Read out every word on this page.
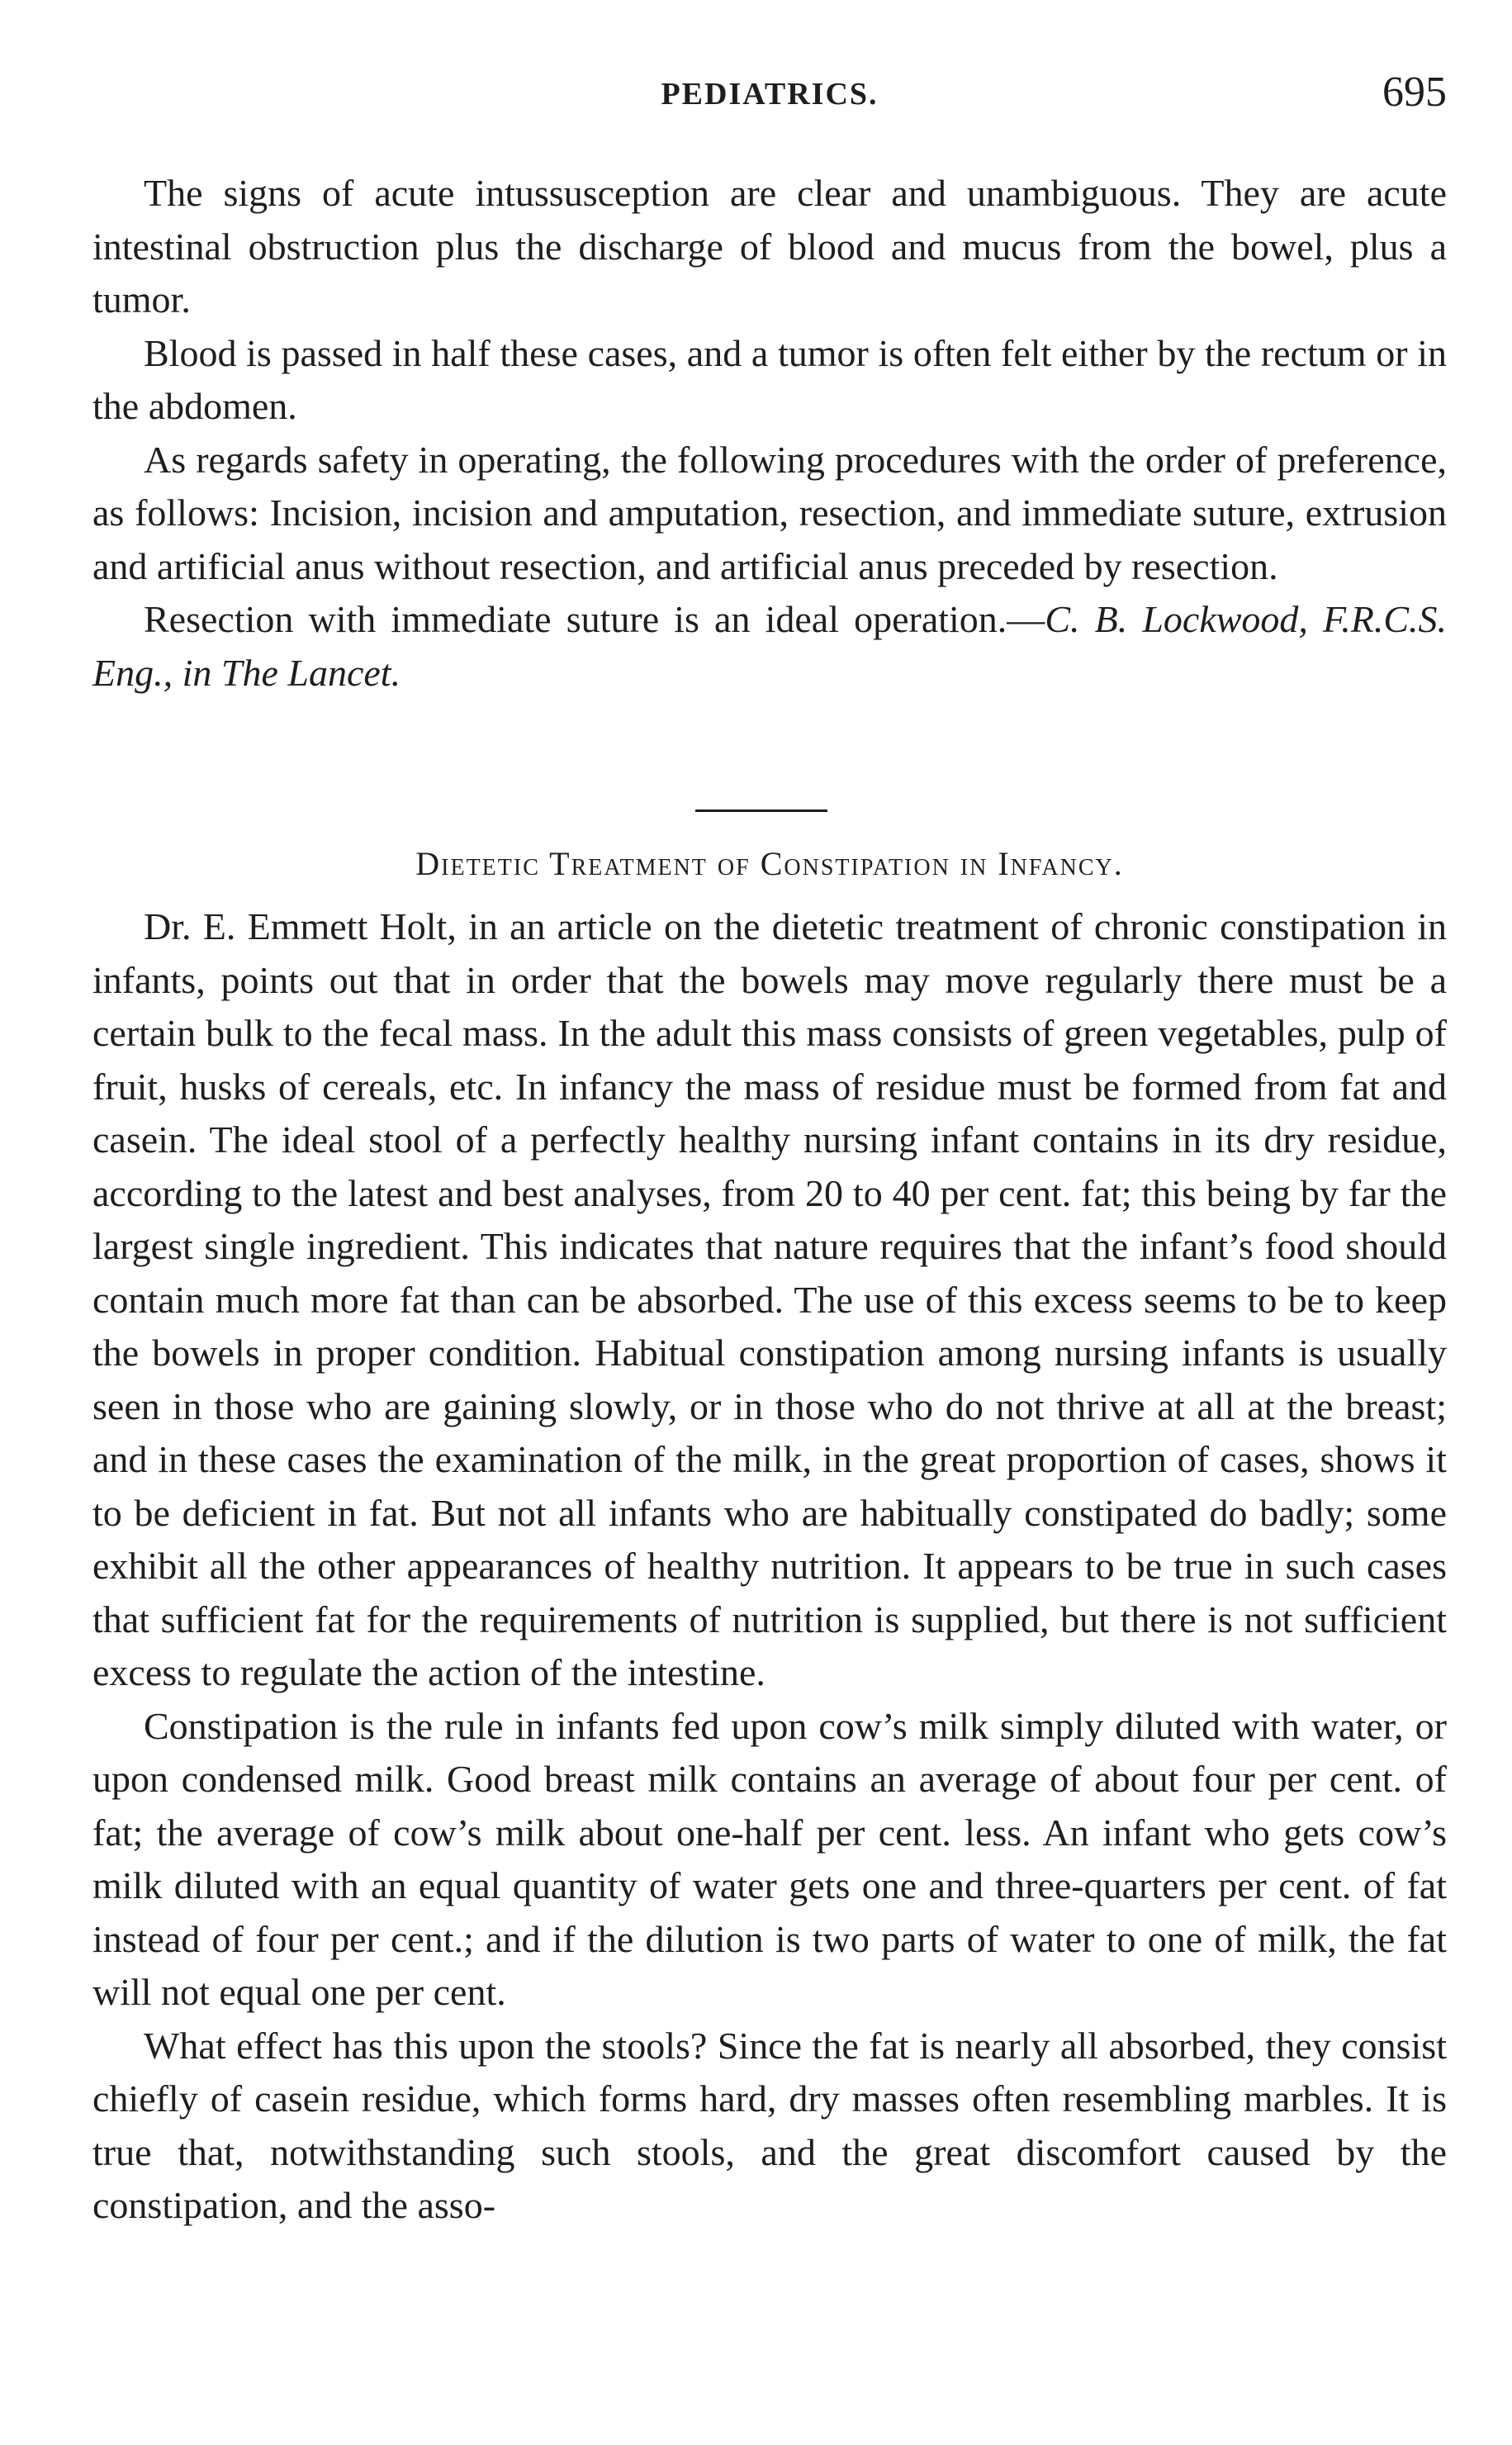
PEDIATRICS.	695

The signs of acute intussusception are clear and unambiguous. They are acute intestinal obstruction plus the discharge of blood and mucus from the bowel, plus a tumor.

Blood is passed in half these cases, and a tumor is often felt either by the rectum or in the abdomen.

As regards safety in operating, the following procedures with the order of preference, as follows: Incision, incision and amputation, resection, and immediate suture, extrusion and artificial anus without resection, and artificial anus preceded by resection.

Resection with immediate suture is an ideal operation.—C. B. Lockwood, F.R.C.S. Eng., in The Lancet.

Dietetic Treatment of Constipation in Infancy.

Dr. E. Emmett Holt, in an article on the dietetic treatment of chronic constipation in infants, points out that in order that the bowels may move regularly there must be a certain bulk to the fecal mass. In the adult this mass consists of green vegetables, pulp of fruit, husks of cereals, etc. In infancy the mass of residue must be formed from fat and casein. The ideal stool of a perfectly healthy nursing infant contains in its dry residue, according to the latest and best analyses, from 20 to 40 per cent. fat; this being by far the largest single ingredient. This indicates that nature requires that the infant’s food should contain much more fat than can be absorbed. The use of this excess seems to be to keep the bowels in proper condition. Habitual constipation among nursing infants is usually seen in those who are gaining slowly, or in those who do not thrive at all at the breast; and in these cases the examination of the milk, in the great proportion of cases, shows it to be deficient in fat. But not all infants who are habitually constipated do badly; some exhibit all the other appearances of healthy nutrition. It appears to be true in such cases that sufficient fat for the requirements of nutrition is supplied, but there is not sufficient excess to regulate the action of the intestine.

Constipation is the rule in infants fed upon cow’s milk simply diluted with water, or upon condensed milk. Good breast milk contains an average of about four per cent. of fat; the average of cow’s milk about one-half per cent. less. An infant who gets cow’s milk diluted with an equal quantity of water gets one and three-quarters per cent. of fat instead of four per cent.; and if the dilution is two parts of water to one of milk, the fat will not equal one per cent.

What effect has this upon the stools? Since the fat is nearly all absorbed, they consist chiefly of casein residue, which forms hard, dry masses often resembling marbles. It is true that, notwithstanding such stools, and the great discomfort caused by the constipation, and the asso-
